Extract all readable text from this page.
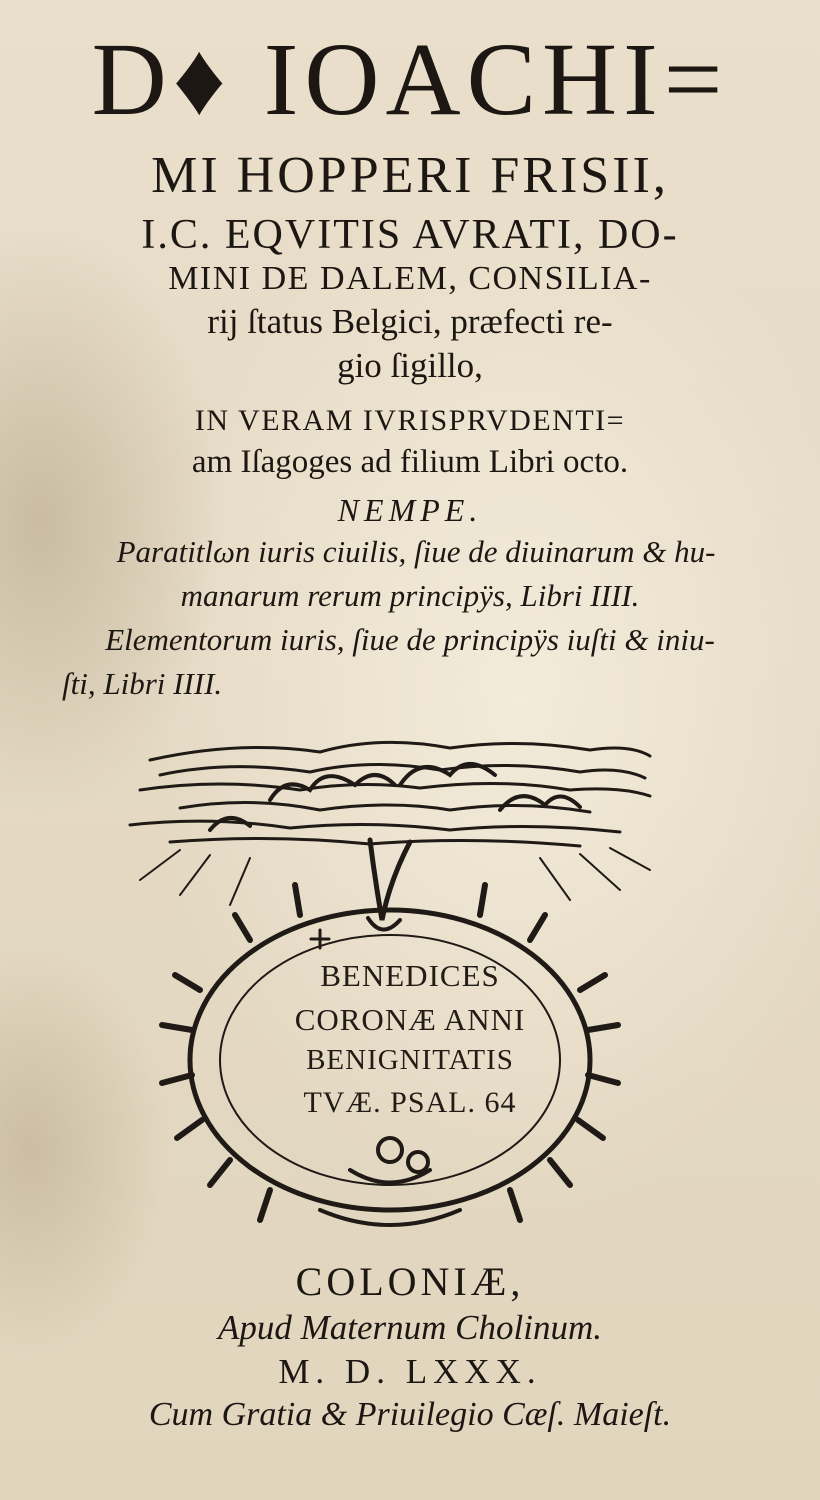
D♦ IOACHI=
MI HOPPERI FRISII,
I.C. EQVITIS AVRATI, DO-
MINI DE DALEM, CONSILIA-
rij ſtatus Belgici, præfecti re-
gio ſigillo,
IN VERAM IVRISPRVDENTI=
am Iſagoges ad filium Libri octo.
NEMPE.
Paratitlωn iuris ciuilis, ſiue de diuinarum & hu-
manarum rerum principÿs, Libri IIII.
Elementorum iuris, ſiue de principÿs iuſti & iniu-
ſti, Libri IIII.
BENEDICES
CORONÆ ANNI
BENIGNITATIS
TVÆ. PSAL. 64
COLONIÆ,
Apud Maternum Cholinum.
M. D. LXXX.
Cum Gratia & Priuilegio Cæſ. Maieſt.
